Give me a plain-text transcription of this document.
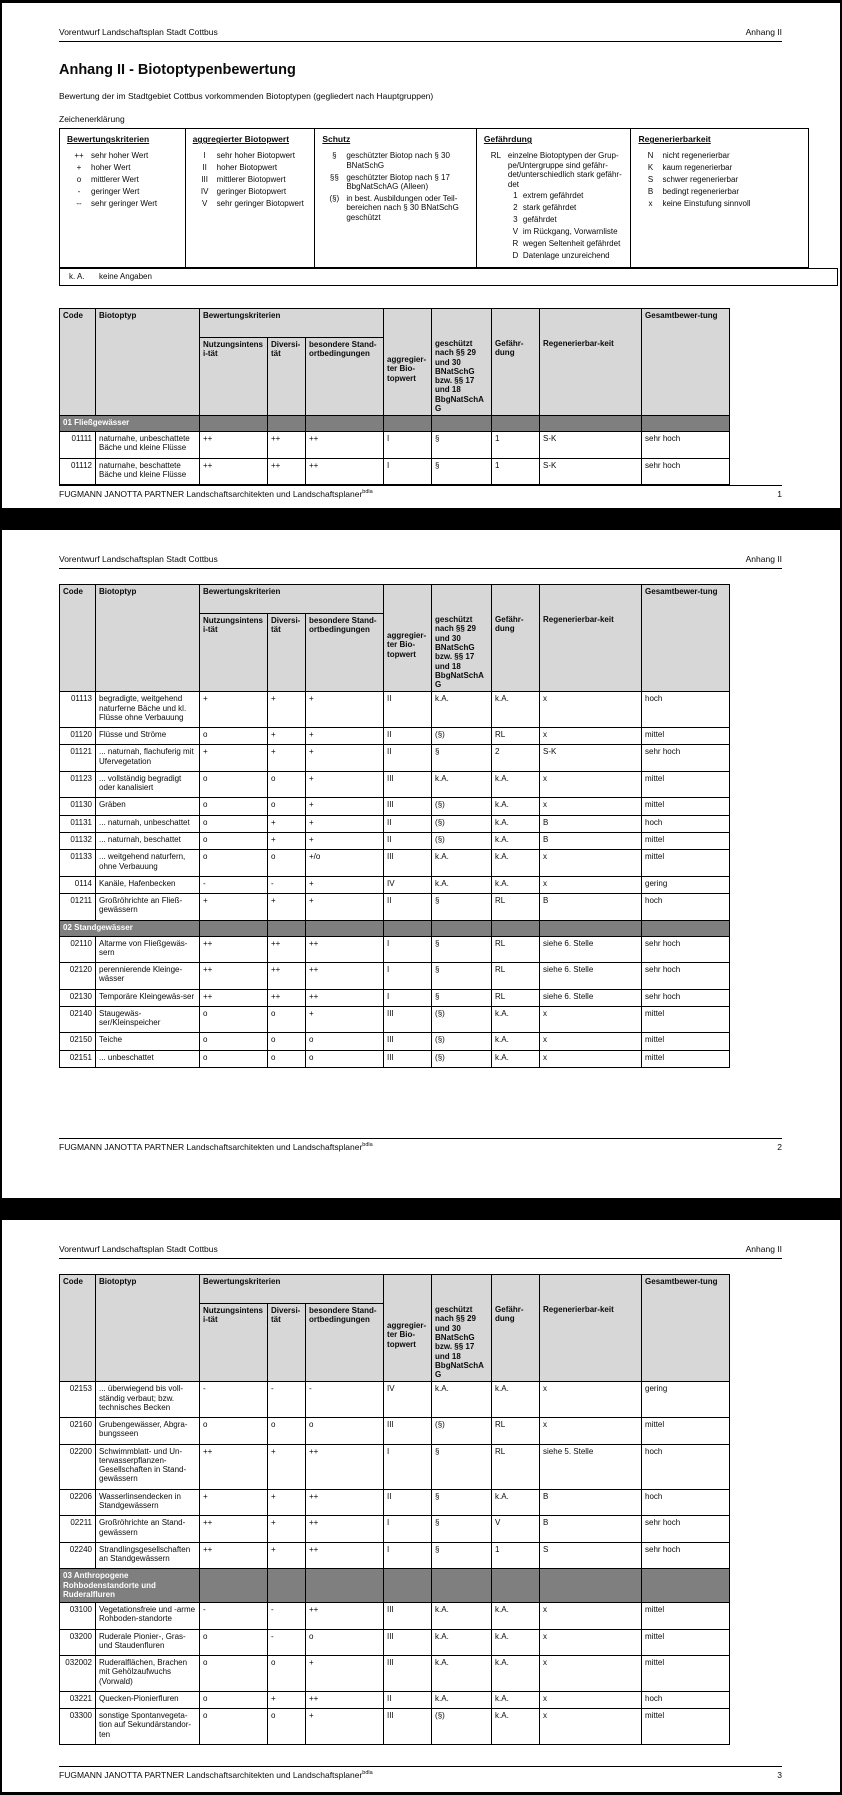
Vorentwurf Landschaftsplan Stadt Cottbus	Anhang II
Anhang II - Biotoptypenbewertung
Bewertung der im Stadtgebiet Cottbus vorkommenden Biotoptypen (gegliedert nach Hauptgruppen)
Zeichenerklärung
Bewertungskriterien
++ sehr hoher Wert
+	hoher Wert
o	mittlerer Wert
-	geringer Wert
--	sehr geringer Wert
aggregierter Biotopwert
I	sehr hoher Biotopwert
II	hoher Biotopwert
III	mittlerer Biotopwert
IV	geringer Biotopwert
V	sehr geringer Biotopwert
Schutz
§	geschützter Biotop nach § 30 BNatSchG
§§ geschützter Biotop nach § 17 BbgNatSchAG (Alleen)
(§) in best. Ausbildungen oder Teil-bereichen nach § 30 BNatSchG geschützt
Gefährdung
RL einzelne Biotoptypen der Grup-pe/Untergruppe sind gefähr-det/unterschiedlich stark gefähr-det
1 extrem gefährdet
2 stark gefährdet
3 gefährdet
V im Rückgang, Vorwarnliste
R wegen Seltenheit gefährdet
D Datenlage unzureichend
Regenerierbarkeit
N	nicht regenerierbar
K	kaum regenerierbar
S	schwer regenerierbar
B	bedingt regenerierbar
x	keine Einstufung sinnvoll
k. A.	keine Angaben
Code	Biotoptyp	Bewertungskriterien			aggregier-ter Bio-topwert	geschützt nach §§ 29 und 30 BNatSchG bzw. §§ 17 und 18 BbgNatSchAG	Gefähr-dung	Regenerierbar-keit	Gesamtbewer-tung
		Nutzungsintensi-tät	Diversi-tät	besondere Stand-ortbedingungen					
01 Fließgewässer									
01111	naturnahe, unbeschattete Bäche und kleine Flüsse	++	++	++	I	§	1	S-K	sehr hoch
01112	naturnahe, beschattete Bäche und kleine Flüsse	++	++	++	I	§	1	S-K	sehr hoch
FUGMANN JANOTTA PARTNER Landschaftsarchitekten und Landschaftsplaner$^{bdla}$	1
Vorentwurf Landschaftsplan Stadt Cottbus	Anhang II
Code	Biotoptyp	Bewertungskriterien			aggregier-ter Bio-topwert	geschützt nach §§ 29 und 30 BNatSchG bzw. §§ 17 und 18 BbgNatSchAG	Gefähr-dung	Regenerierbar-keit	Gesamtbewer-tung
		Nutzungsintensi-tät	Diversi-tät	besondere Stand-ortbedingungen					
01113	begradigte, weitgehend naturferne Bäche und kl. Flüsse ohne Verbauung	+	+	+	II	k.A.	k.A.	x	hoch
01120	Flüsse und Ströme	o	+	+	II	(§)	RL	x	mittel
01121	... naturnah, flachuferig mit Ufervegetation	+	+	+	II	§	2	S-K	sehr hoch
01123	... vollständig begradigt oder kanalisiert	o	o	+	III	k.A.	k.A.	x	mittel
01130	Gräben	o	o	+	III	(§)	k.A.	x	mittel
01131	... naturnah, unbeschattet	o	+	+	II	(§)	k.A.	B	hoch
01132	... naturnah, beschattet	o	+	+	II	(§)	k.A.	B	mittel
01133	... weitgehend naturfern, ohne Verbauung	o	o	+/o	III	k.A.	k.A.	x	mittel
0114	Kanäle, Hafenbecken	-	-	+	IV	k.A.	k.A.	x	gering
01211	Großröhrichte an Fließ-gewässern	+	+	+	II	§	RL	B	hoch
02 Standgewässer									
02110	Altarme von Fließgewäs-sern	++	++	++	I	§	RL	siehe 6. Stelle	sehr hoch
02120	perennierende Kleinge-wässer	++	++	++	I	§	RL	siehe 6. Stelle	sehr hoch
02130	Temporäre Kleingewäs-ser	++	++	++	I	§	RL	siehe 6. Stelle	sehr hoch
02140	Staugewäs-ser/Kleinspeicher	o	o	+	III	(§)	k.A.	x	mittel
02150	Teiche	o	o	o	III	(§)	k.A.	x	mittel
02151	... unbeschattet	o	o	o	III	(§)	k.A.	x	mittel
FUGMANN JANOTTA PARTNER Landschaftsarchitekten und Landschaftsplaner$^{bdla}$	2
Vorentwurf Landschaftsplan Stadt Cottbus	Anhang II
Code	Biotoptyp	Bewertungskriterien			aggregier-ter Bio-topwert	geschützt nach §§ 29 und 30 BNatSchG bzw. §§ 17 und 18 BbgNatSchAG	Gefähr-dung	Regenerierbar-keit	Gesamtbewer-tung
		Nutzungsintensi-tät	Diversi-tät	besondere Stand-ortbedingungen					
02153	... überwiegend bis voll-ständig verbaut; bzw. technisches Becken	-	-	-	IV	k.A.	k.A.	x	gering
02160	Grubengewässer, Abgra-bungsseen	o	o	o	III	(§)	RL	x	mittel
02200	Schwimmblatt- und Un-terwasserpflanzen-Gesellschaften in Stand-gewässern	++	+	++	I	§	RL	siehe 5. Stelle	hoch
02206	Wasserlinsendecken in Standgewässern	+	+	++	II	§	k.A.	B	hoch
02211	Großröhrichte an Stand-gewässern	++	+	++	I	§	V	B	sehr hoch
02240	Strandlingsgesellschaften an Standgewässern	++	+	++	I	§	1	S	sehr hoch
03 Anthropogene Rohbodenstandorte und Ruderalfluren									
03100	Vegetationsfreie und -arme Rohboden-standorte	-	-	++	III	k.A.	k.A.	x	mittel
03200	Ruderale Pionier-, Gras- und Staudenfluren	o	-	o	III	k.A.	k.A.	x	mittel
032002	Ruderalflächen, Brachen mit Gehölzaufwuchs (Vorwald)	o	o	+	III	k.A.	k.A.	x	mittel
03221	Quecken-Pionierfluren	o	+	++	II	k.A.	k.A.	x	hoch
03300	sonstige Spontanvegeta-tion auf Sekundärstandor-ten	o	o	+	III	(§)	k.A.	x	mittel
FUGMANN JANOTTA PARTNER Landschaftsarchitekten und Landschaftsplaner$^{bdla}$	3
